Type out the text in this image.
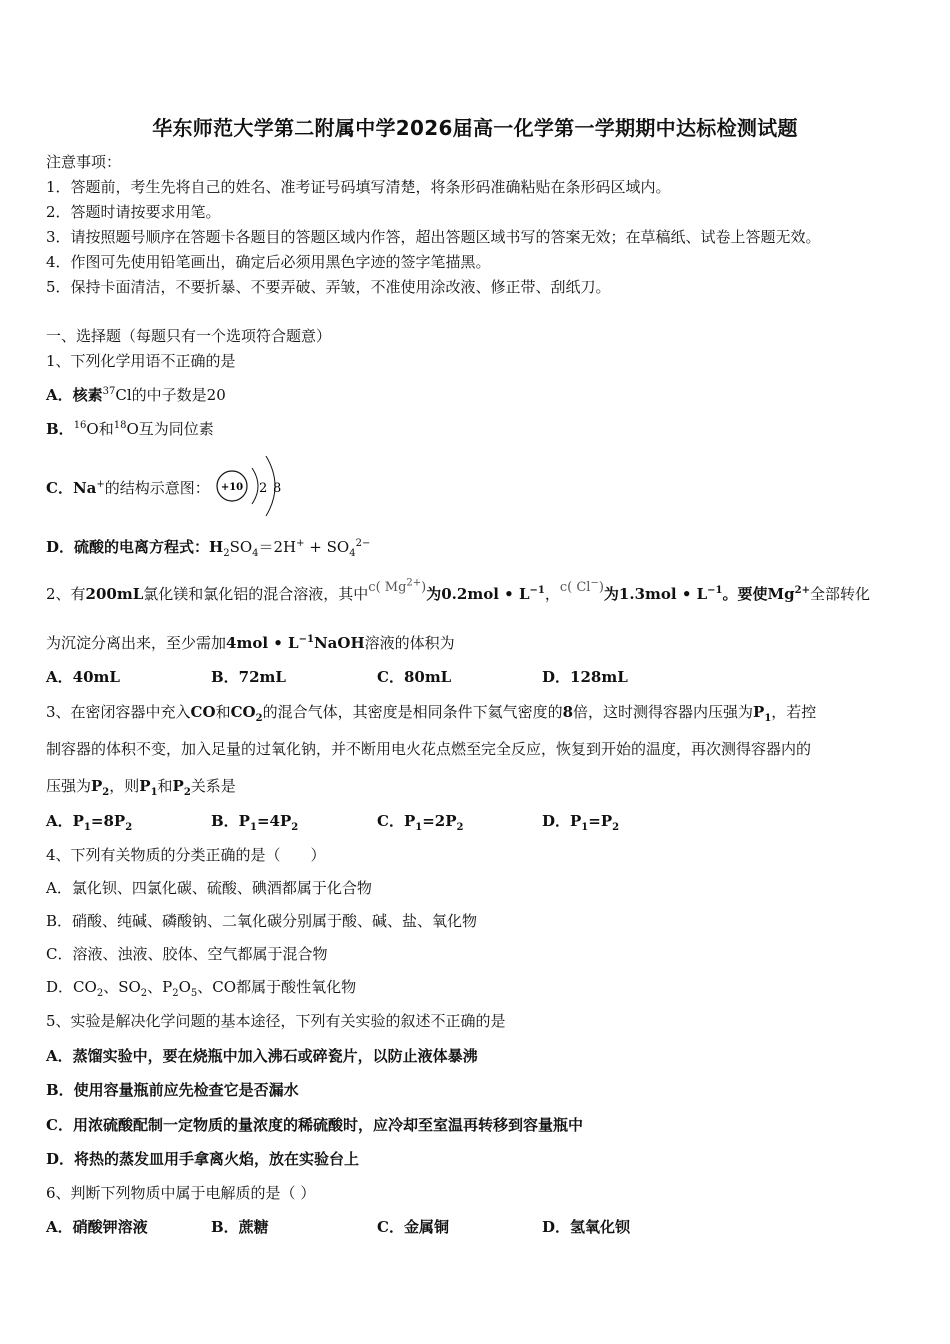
华东师范大学第二附属中学2026届高一化学第一学期期中达标检测试题
注意事项：
1．答题前，考生先将自己的姓名、准考证号码填写清楚，将条形码准确粘贴在条形码区域内。
2．答题时请按要求用笔。
3．请按照题号顺序在答题卡各题目的答题区域内作答，超出答题区域书写的答案无效；在草稿纸、试卷上答题无效。
4．作图可先使用铅笔画出，确定后必须用黑色字迹的签字笔描黑。
5．保持卡面清洁，不要折暴、不要弄破、弄皱，不准使用涂改液、修正带、刮纸刀。
一、选择题（每题只有一个选项符合题意）
1、下列化学用语不正确的是
A．核素$^{37}$Cl的中子数是20
B．$^{16}$O和$^{18}$O互为同位素
C．Na+的结构示意图： +10 2 8
D．硫酸的电离方程式：$H_2SO_4=2H^+ + SO_4^{2-}$
2、有200mL氯化镁和氯化铝的混合溶液，其中c( $Mg^{2+}$)为0.2mol • $L^{-1}$，c( Cl−)为1.3mol • $L^{-1}$。要使$Mg^{2+}$全部转化
为沉淀分离出来，至少需加4mol • $L^{-1}NaOH$溶液的体积为
A．40mL	B．72mL	C．80mL	D．128mL
3、在密闭容器中充入CO和$CO_2$的混合气体，其密度是相同条件下氦气密度的8倍，这时测得容器内压强为$P_1$，若控
制容器的体积不变，加入足量的过氧化钠，并不断用电火花点燃至完全反应，恢复到开始的温度，再次测得容器内的
压强为$P_2$，则$P_1$和$P_2$关系是
A．$P_1=8P_2$	B．$P_1=4P_2$	C．$P_1=2P_2$	D．$P_1=P_2$
4、下列有关物质的分类正确的是（　　）
A．氯化钡、四氯化碳、硫酸、碘酒都属于化合物
B．硝酸、纯碱、磷酸钠、二氧化碳分别属于酸、碱、盐、氧化物
C．溶液、浊液、胶体、空气都属于混合物
D．$CO_2$、$SO_2$、$P_2O_5$、CO都属于酸性氧化物
5、实验是解决化学问题的基本途径，下列有关实验的叙述不正确的是
A．蒸馏实验中，要在烧瓶中加入沸石或碎瓷片，以防止液体暴沸
B．使用容量瓶前应先检查它是否漏水
C．用浓硫酸配制一定物质的量浓度的稀硫酸时，应冷却至室温再转移到容量瓶中
D．将热的蒸发皿用手拿离火焰，放在实验台上
6、判断下列物质中属于电解质的是（ ）
A．硝酸钾溶液	B．蔗糖	C．金属铜	D．氢氧化钡
